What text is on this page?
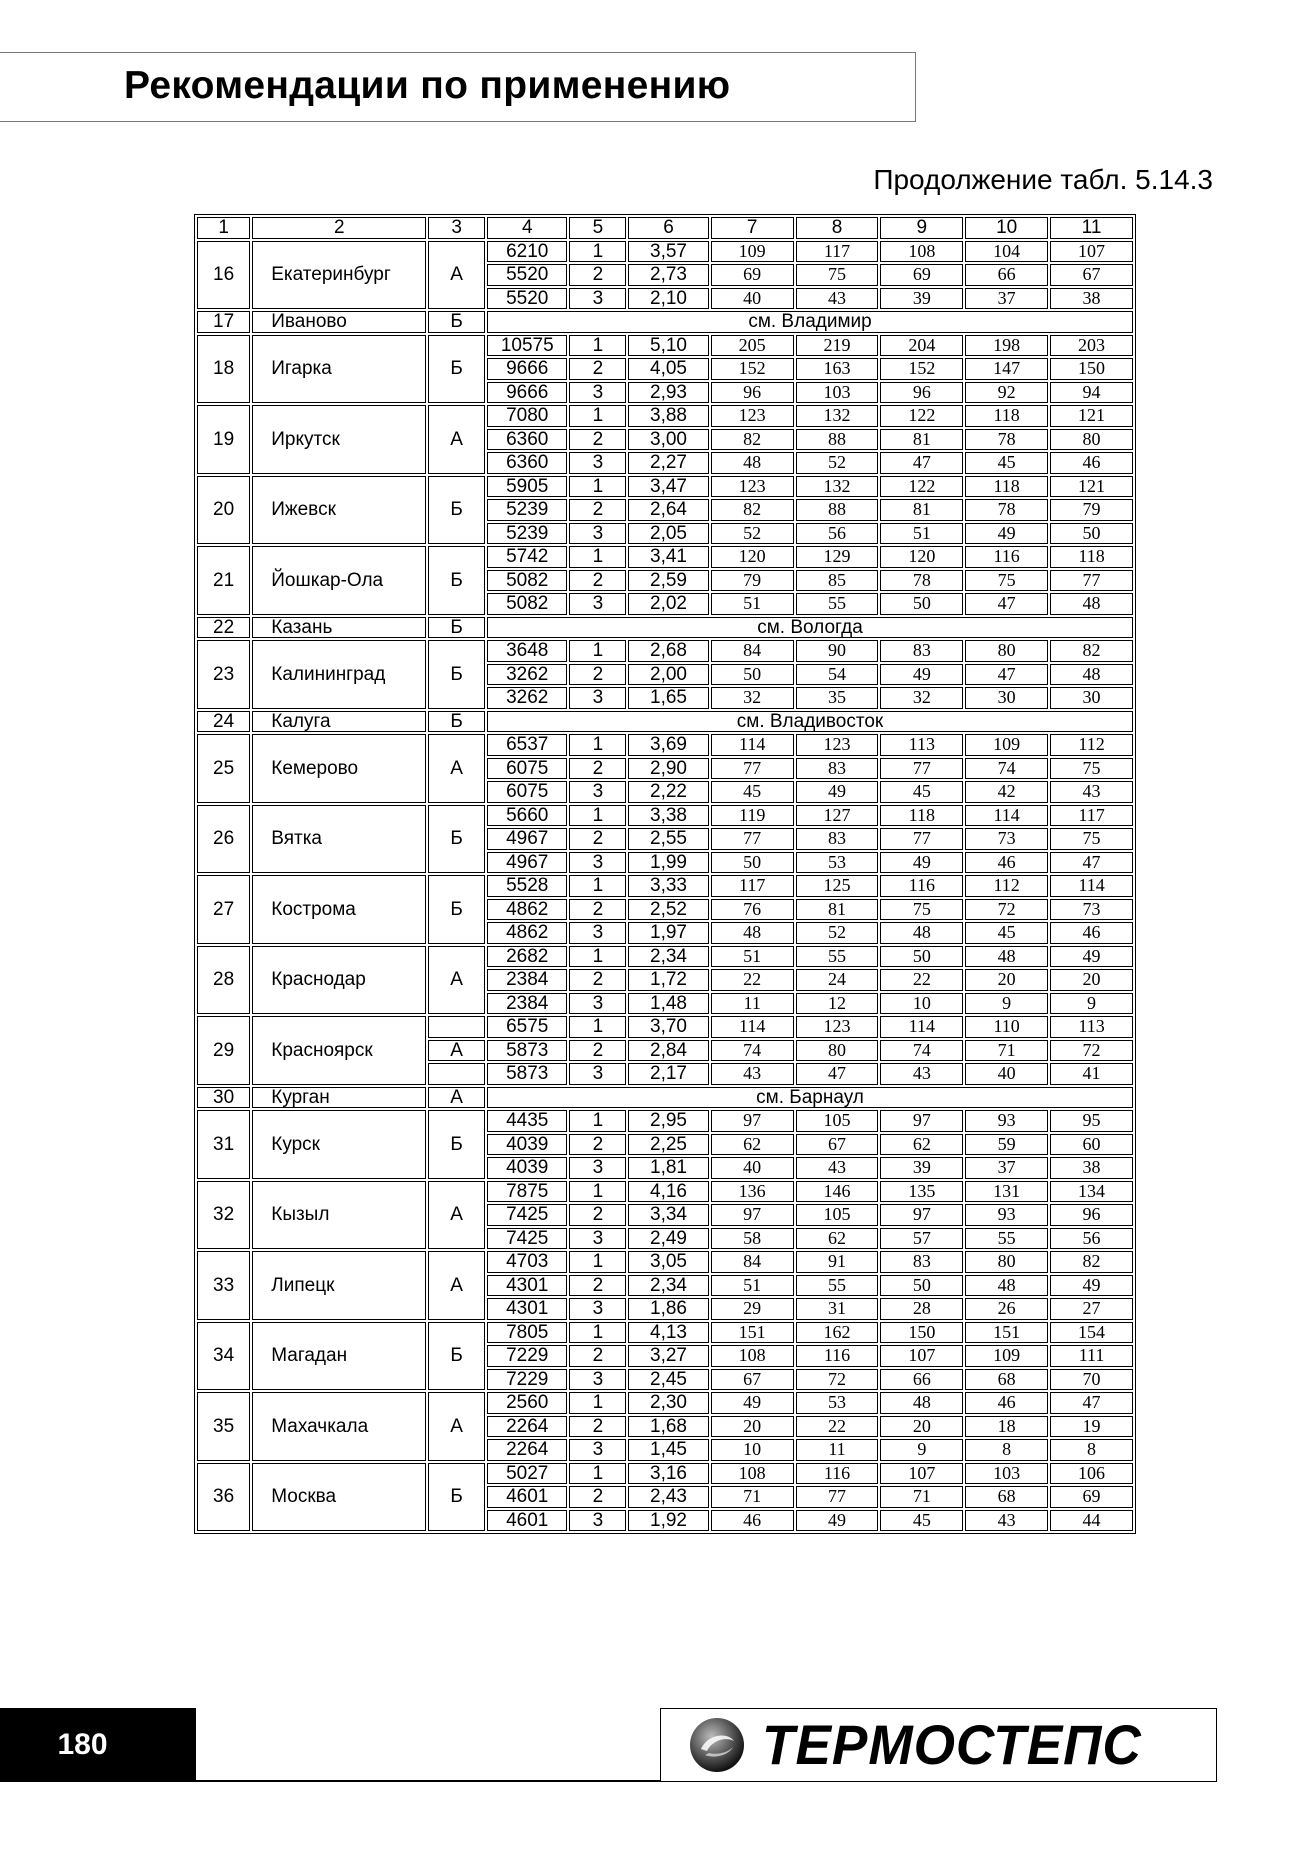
Рекомендации по применению
Продолжение табл. 5.14.3
1	2	3	4	5	6	7	8	9	10	11
16	Екатеринбург	А	6210	1	3,57	109	117	108	104	107
			5520	2	2,73	69	75	69	66	67
			5520	3	2,10	40	43	39	37	38
17	Иваново	Б	см. Владимир							
18	Игарка	Б	10575	1	5,10	205	219	204	198	203
			9666	2	4,05	152	163	152	147	150
			9666	3	2,93	96	103	96	92	94
19	Иркутск	А	7080	1	3,88	123	132	122	118	121
			6360	2	3,00	82	88	81	78	80
			6360	3	2,27	48	52	47	45	46
20	Ижевск	Б	5905	1	3,47	123	132	122	118	121
			5239	2	2,64	82	88	81	78	79
			5239	3	2,05	52	56	51	49	50
21	Йошкар-Ола	Б	5742	1	3,41	120	129	120	116	118
			5082	2	2,59	79	85	78	75	77
			5082	3	2,02	51	55	50	47	48
22	Казань	Б	см. Вологда							
23	Калининград	Б	3648	1	2,68	84	90	83	80	82
			3262	2	2,00	50	54	49	47	48
			3262	3	1,65	32	35	32	30	30
24	Калуга	Б	см. Владивосток							
25	Кемерово	А	6537	1	3,69	114	123	113	109	112
			6075	2	2,90	77	83	77	74	75
			6075	3	2,22	45	49	45	42	43
26	Вятка	Б	5660	1	3,38	119	127	118	114	117
			4967	2	2,55	77	83	77	73	75
			4967	3	1,99	50	53	49	46	47
27	Кострома	Б	5528	1	3,33	117	125	116	112	114
			4862	2	2,52	76	81	75	72	73
			4862	3	1,97	48	52	48	45	46
28	Краснодар	А	2682	1	2,34	51	55	50	48	49
			2384	2	1,72	22	24	22	20	20
			2384	3	1,48	11	12	10	9	9
29	Красноярск		6575	1	3,70	114	123	114	110	113
		А	5873	2	2,84	74	80	74	71	72
			5873	3	2,17	43	47	43	40	41
30	Курган	А	см. Барнаул							
31	Курск	Б	4435	1	2,95	97	105	97	93	95
			4039	2	2,25	62	67	62	59	60
			4039	3	1,81	40	43	39	37	38
32	Кызыл	А	7875	1	4,16	136	146	135	131	134
			7425	2	3,34	97	105	97	93	96
			7425	3	2,49	58	62	57	55	56
33	Липецк	А	4703	1	3,05	84	91	83	80	82
			4301	2	2,34	51	55	50	48	49
			4301	3	1,86	29	31	28	26	27
34	Магадан	Б	7805	1	4,13	151	162	150	151	154
			7229	2	3,27	108	116	107	109	111
			7229	3	2,45	67	72	66	68	70
35	Махачкала	А	2560	1	2,30	49	53	48	46	47
			2264	2	1,68	20	22	20	18	19
			2264	3	1,45	10	11	9	8	8
36	Москва	Б	5027	1	3,16	108	116	107	103	106
			4601	2	2,43	71	77	71	68	69
			4601	3	1,92	46	49	45	43	44
180	ТЕРМОСТЕПС
